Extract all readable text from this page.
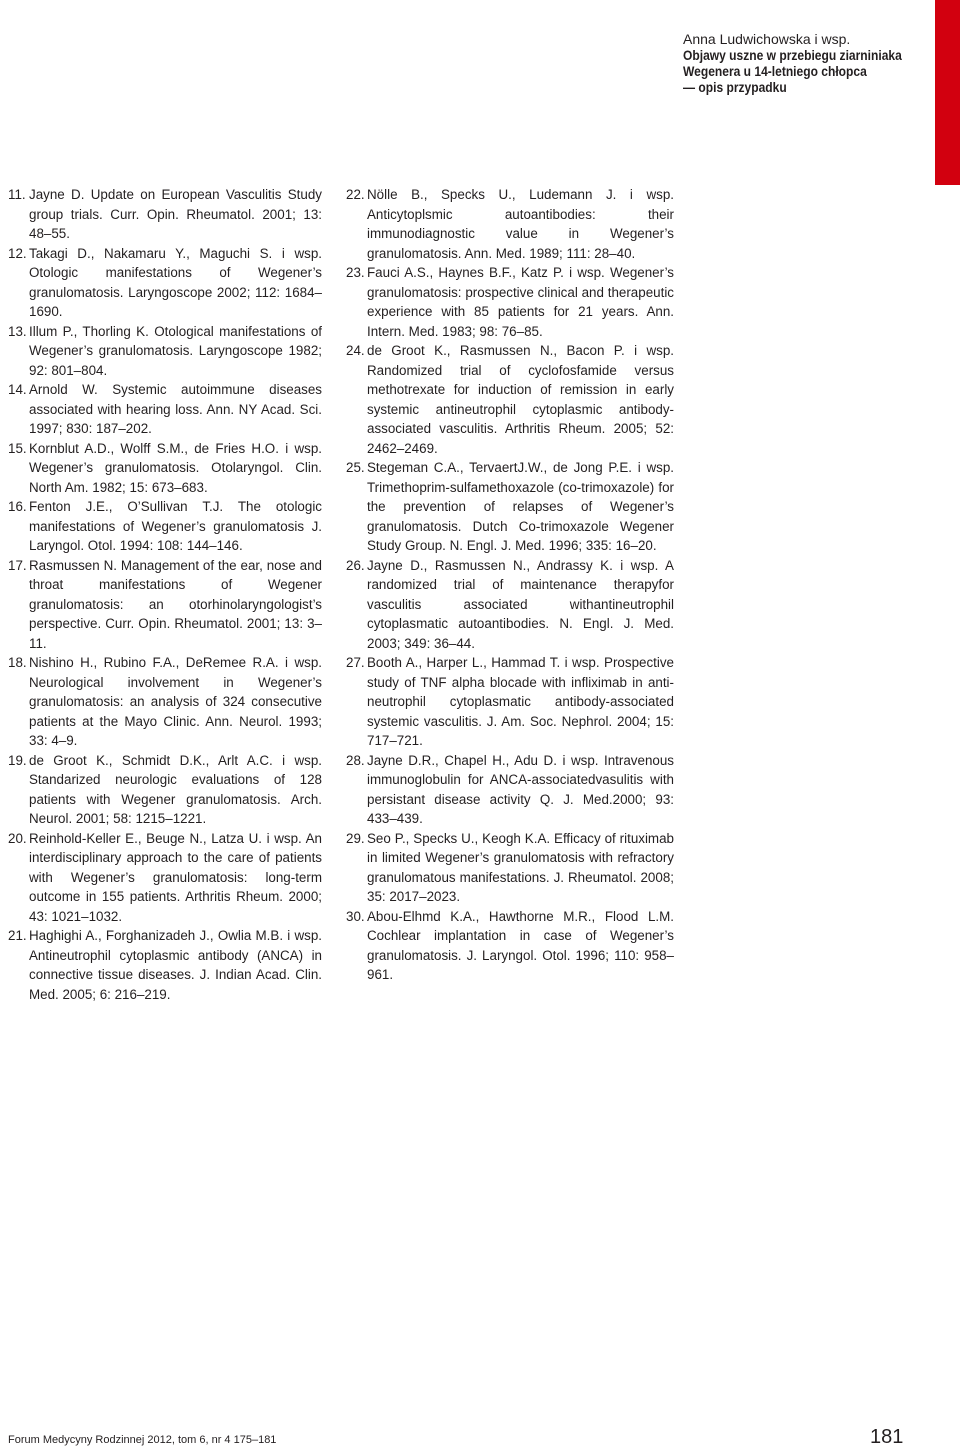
Anna Ludwichowska i wsp.
Objawy uszne w przebiegu ziarniniaka
Wegenera u 14-letniego chłopca
— opis przypadku
11. Jayne D. Update on European Vasculitis Study group trials. Curr. Opin. Rheumatol. 2001; 13: 48–55.
12. Takagi D., Nakamaru Y., Maguchi S. i wsp. Otologic manifestations of Wegener’s granulomatosis. Laryngoscope 2002; 112: 1684–1690.
13. Illum P., Thorling K. Otological manifestations of Wegener’s granulomatosis. Laryngoscope 1982; 92: 801–804.
14. Arnold W. Systemic autoimmune diseases associated with hearing loss. Ann. NY Acad. Sci. 1997; 830: 187–202.
15. Kornblut A.D., Wolff S.M., de Fries H.O. i wsp. Wegener’s granulomatosis. Otolaryngol. Clin. North Am. 1982; 15: 673–683.
16. Fenton J.E., O’Sullivan T.J. The otologic manifestations of Wegener’s granulomatosis J. Laryngol. Otol. 1994: 108: 144–146.
17. Rasmussen N. Management of the ear, nose and throat manifestations of Wegener granulomatosis: an otorhinolaryngologist’s perspective. Curr. Opin. Rheumatol. 2001; 13: 3–11.
18. Nishino H., Rubino F.A., DeRemee R.A. i wsp. Neurological involvement in Wegener’s granulomatosis: an analysis of 324 consecutive patients at the Mayo Clinic. Ann. Neurol. 1993; 33: 4–9.
19. de Groot K., Schmidt D.K., Arlt A.C. i wsp. Standarized neurologic evaluations of 128 patients with Wegener granulomatosis. Arch. Neurol. 2001; 58: 1215–1221.
20. Reinhold-Keller E., Beuge N., Latza U. i wsp. An interdisciplinary approach to the care of patients with Wegener’s granulomatosis: long-term outcome in 155 patients. Arthritis Rheum. 2000; 43: 1021–1032.
21. Haghighi A., Forghanizadeh J., Owlia M.B. i wsp. Antineutrophil cytoplasmic antibody (ANCA) in connective tissue diseases. J. Indian Acad. Clin. Med. 2005; 6: 216–219.
22. Nölle B., Specks U., Ludemann J. i wsp. Anticytoplsmic autoantibodies: their immunodiagnostic value in Wegener’s granulomatosis. Ann. Med. 1989; 111: 28–40.
23. Fauci A.S., Haynes B.F., Katz P. i wsp. Wegener’s granulomatosis: prospective clinical and therapeutic experience with 85 patients for 21 years. Ann. Intern. Med. 1983; 98: 76–85.
24. de Groot K., Rasmussen N., Bacon P. i wsp. Randomized trial of cyclofosfamide versus methotrexate for induction of remission in early systemic antineutrophil cytoplasmic antibody-associated vasculitis. Arthritis Rheum. 2005; 52: 2462–2469.
25. Stegeman C.A., TervaertJ.W., de Jong P.E. i wsp. Trimethoprim-sulfamethoxazole (co-trimoxazole) for the prevention of relapses of Wegener’s granulomatosis. Dutch Co-trimoxazole Wegener Study Group. N. Engl. J. Med. 1996; 335: 16–20.
26. Jayne D., Rasmussen N., Andrassy K. i wsp. A randomized trial of maintenance therapyfor vasculitis associated withantineutrophil cytoplasmatic autoantibodies. N. Engl. J. Med. 2003; 349: 36–44.
27. Booth A., Harper L., Hammad T. i wsp. Prospective study of TNF alpha blocade with infliximab in anti- neutrophil cytoplasmatic antibody-associated systemic vasculitis. J. Am. Soc. Nephrol. 2004; 15: 717–721.
28. Jayne D.R., Chapel H., Adu D. i wsp. Intravenous immunoglobulin for ANCA-associatedvasulitis with persistant disease activity Q. J. Med.2000; 93: 433–439.
29. Seo P., Specks U., Keogh K.A. Efficacy of rituximab in limited Wegener’s granulomatosis with refractory granulomatous manifestations. J. Rheumatol. 2008; 35: 2017–2023.
30. Abou-Elhmd K.A., Hawthorne M.R., Flood L.M. Cochlear implantation in case of Wegener’s granulomatosis. J. Laryngol. Otol. 1996; 110: 958–961.
Forum Medycyny Rodzinnej 2012, tom 6, nr 4 175–181	181
